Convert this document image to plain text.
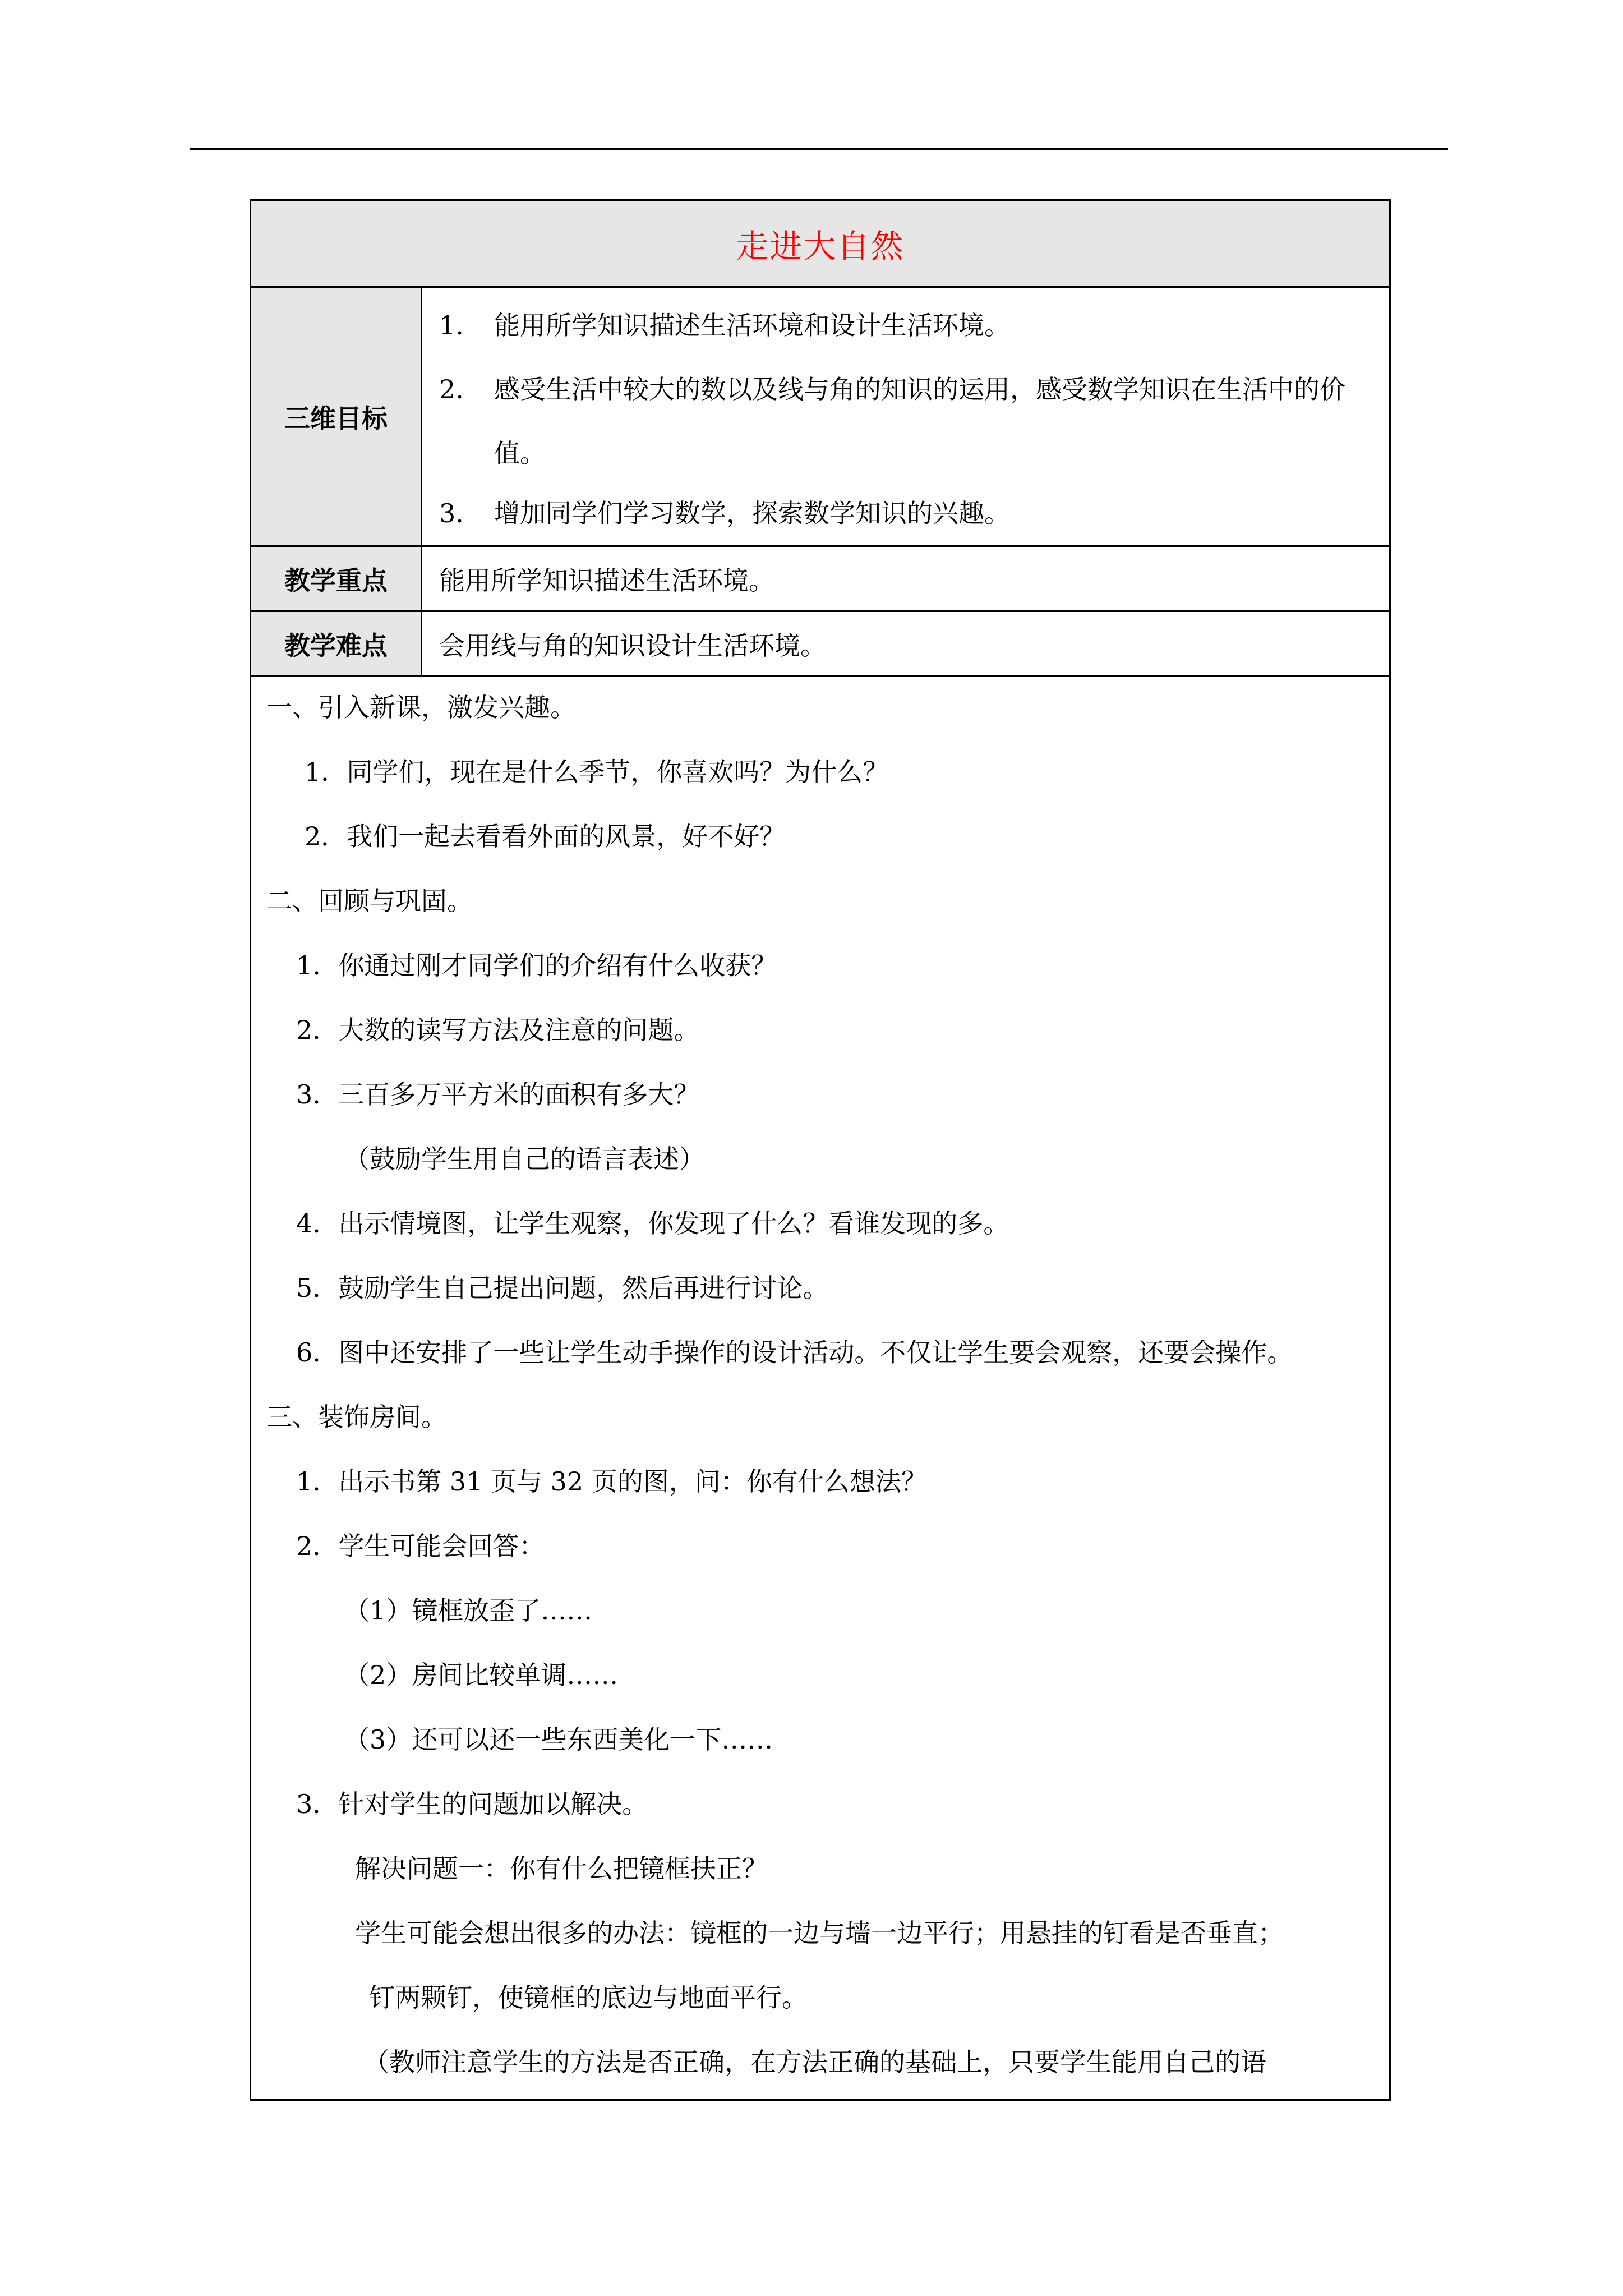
走进大自然
三维目标
1.	能用所学知识描述生活环境和设计生活环境。
2.	感受生活中较大的数以及线与角的知识的运用，感受数学知识在生活中的价值。
3.	增加同学们学习数学，探索数学知识的兴趣。
教学重点	能用所学知识描述生活环境。
教学难点	会用线与角的知识设计生活环境。
一、引入新课，激发兴趣。
1．同学们，现在是什么季节，你喜欢吗？为什么？
2．我们一起去看看外面的风景，好不好？
二、回顾与巩固。
1．你通过刚才同学们的介绍有什么收获？
2．大数的读写方法及注意的问题。
3．三百多万平方米的面积有多大？
（鼓励学生用自己的语言表述）
4．出示情境图，让学生观察，你发现了什么？看谁发现的多。
5．鼓励学生自己提出问题，然后再进行讨论。
6．图中还安排了一些让学生动手操作的设计活动。不仅让学生要会观察，还要会操作。
三、装饰房间。
1．出示书第 31 页与 32 页的图，问：你有什么想法？
2．学生可能会回答：
（1）镜框放歪了……
（2）房间比较单调……
（3）还可以还一些东西美化一下……
3．针对学生的问题加以解决。
解决问题一：你有什么把镜框扶正？
学生可能会想出很多的办法：镜框的一边与墙一边平行；用悬挂的钉看是否垂直；
钉两颗钉，使镜框的底边与地面平行。
（教师注意学生的方法是否正确，在方法正确的基础上，只要学生能用自己的语
